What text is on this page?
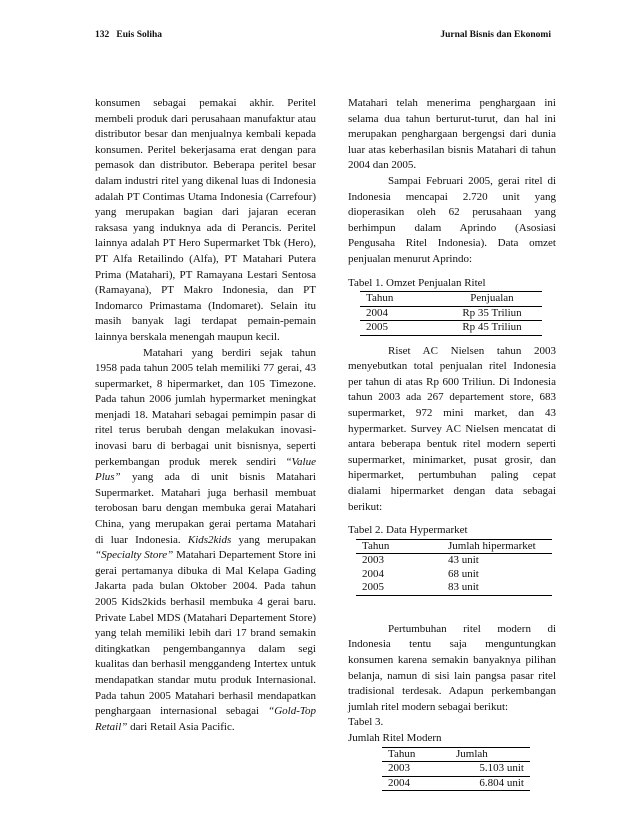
132   Euis Soliha	Jurnal Bisnis dan Ekonomi

konsumen sebagai pemakai akhir. Peritel membeli produk dari perusahaan manufaktur atau distributor besar dan menjualnya kembali kepada konsumen. Peritel bekerjasama erat dengan para pemasok dan distributor. Beberapa peritel besar dalam industri ritel yang dikenal luas di Indonesia adalah PT Contimas Utama Indonesia (Carrefour) yang merupakan bagian dari jajaran eceran raksasa yang induknya ada di Perancis. Peritel lainnya adalah PT Hero Supermarket Tbk (Hero), PT Alfa Retailindo (Alfa), PT Matahari Putera Prima (Matahari), PT Ramayana Lestari Sentosa (Ramayana), PT Makro Indonesia, dan PT Indomarco Primastama (Indomaret). Selain itu masih banyak lagi terdapat pemain-pemain lainnya berskala menengah maupun kecil.

Matahari yang berdiri sejak tahun 1958 pada tahun 2005 telah memiliki 77 gerai, 43 supermarket, 8 hipermarket, dan 105 Timezone. Pada tahun 2006 jumlah hypermarket meningkat menjadi 18. Matahari sebagai pemimpin pasar di ritel terus berubah dengan melakukan inovasi-inovasi baru di berbagai unit bisnisnya, seperti perkembangan produk merek sendiri “Value Plus” yang ada di unit bisnis Matahari Supermarket. Matahari juga berhasil membuat terobosan baru dengan membuka gerai Matahari China, yang merupakan gerai pertama Matahari di luar Indonesia. Kids2kids yang merupakan “Specialty Store” Matahari Departement Store ini gerai pertamanya dibuka di Mal Kelapa Gading Jakarta pada bulan Oktober 2004. Pada tahun 2005 Kids2kids berhasil membuka 4 gerai baru. Private Label MDS (Matahari Departement Store) yang telah memiliki lebih dari 17 brand semakin ditingkatkan pengembangannya dalam segi kualitas dan berhasil menggandeng Intertex untuk mendapatkan standar mutu produk Internasional. Pada tahun 2005 Matahari berhasil mendapatkan penghargaan internasional sebagai “Gold-Top Retail” dari Retail Asia Pacific.

Matahari telah menerima penghargaan ini selama dua tahun berturut-turut, dan hal ini merupakan penghargaan bergengsi dari dunia luar atas keberhasilan bisnis Matahari di tahun 2004 dan 2005.

Sampai Februari 2005, gerai ritel di Indonesia mencapai 2.720 unit yang dioperasikan oleh 62 perusahaan yang berhimpun dalam Aprindo (Asosiasi Pengusaha Ritel Indonesia). Data omzet penjualan menurut Aprindo:

Tabel 1. Omzet Penjualan Ritel

Tahun	Penjualan
2004	Rp 35 Triliun
2005	Rp 45 Triliun

Riset AC Nielsen tahun 2003 menyebutkan total penjualan ritel Indonesia per tahun di atas Rp 600 Triliun. Di Indonesia tahun 2003 ada 267 departement store, 683 supermarket, 972 mini market, dan 43 hypermarket. Survey AC Nielsen mencatat di antara beberapa bentuk ritel modern seperti supermarket, minimarket, pusat grosir, dan hipermarket, pertumbuhan paling cepat dialami hipermarket dengan data sebagai berikut:

Tabel 2. Data Hypermarket

Tahun	Jumlah hipermarket
2003	43 unit
2004	68 unit
2005	83 unit

Pertumbuhan ritel modern di Indonesia tentu saja menguntungkan konsumen karena semakin banyaknya pilihan belanja, namun di sisi lain pangsa pasar ritel tradisional terdesak. Adapun perkembangan jumlah ritel modern sebagai berikut:

Tabel 3.

Jumlah Ritel Modern

Tahun	Jumlah
2003	5.103 unit
2004	6.804 unit
